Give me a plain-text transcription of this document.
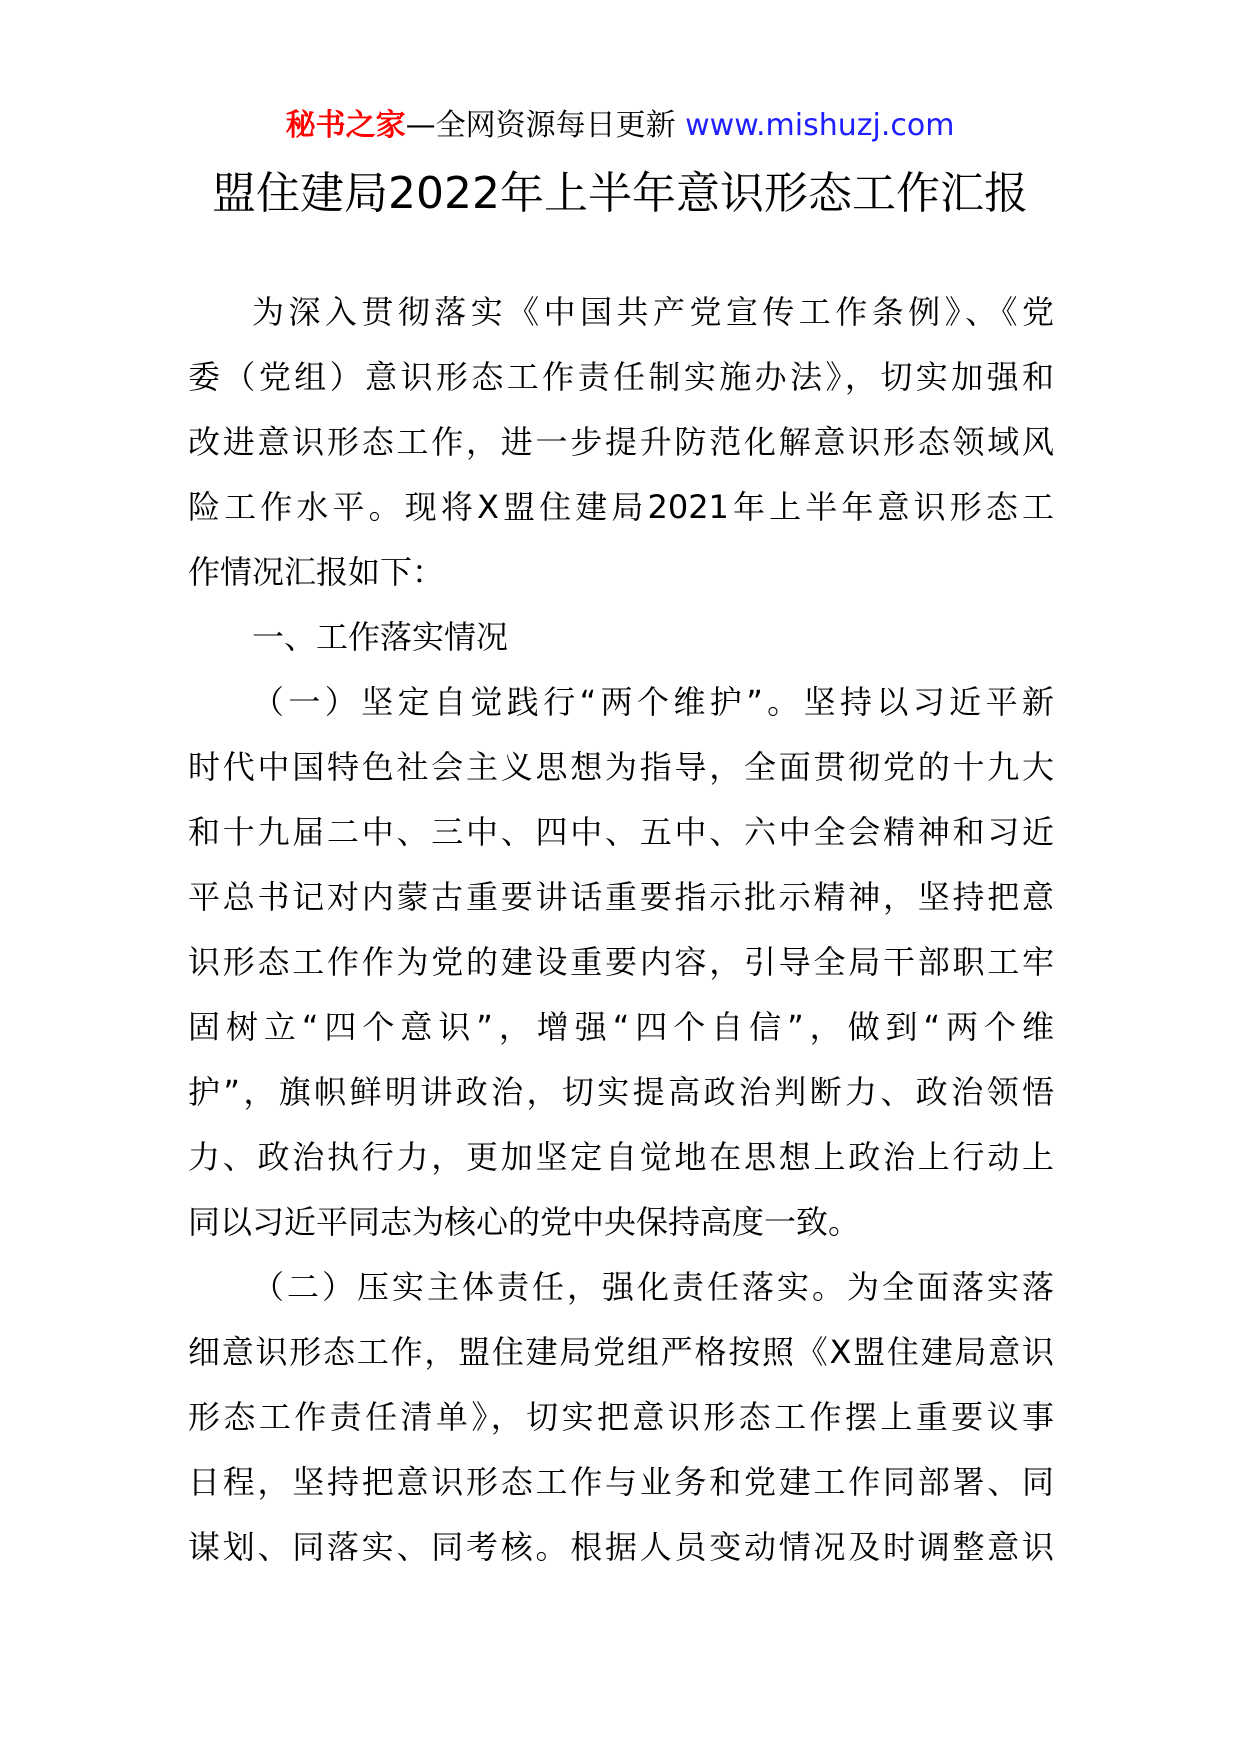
秘书之家—全网资源每日更新 www.mishuzj.com
盟住建局2022年上半年意识形态工作汇报
为深入贯彻落实《中国共产党宣传工作条例》、《党
委（党组）意识形态工作责任制实施办法》，切实加强和
改进意识形态工作，进一步提升防范化解意识形态领域风
险工作水平。现将X盟住建局2021年上半年意识形态工
作情况汇报如下：
一、工作落实情况
（一）坚定自觉践行“两个维护”。坚持以习近平新
时代中国特色社会主义思想为指导，全面贯彻党的十九大
和十九届二中、三中、四中、五中、六中全会精神和习近
平总书记对内蒙古重要讲话重要指示批示精神，坚持把意
识形态工作作为党的建设重要内容，引导全局干部职工牢
固树立“四个意识”，增强“四个自信”，做到“两个维
护”，旗帜鲜明讲政治，切实提高政治判断力、政治领悟
力、政治执行力，更加坚定自觉地在思想上政治上行动上
同以习近平同志为核心的党中央保持高度一致。
（二）压实主体责任，强化责任落实。为全面落实落
细意识形态工作，盟住建局党组严格按照《X盟住建局意识
形态工作责任清单》，切实把意识形态工作摆上重要议事
日程，坚持把意识形态工作与业务和党建工作同部署、同
谋划、同落实、同考核。根据人员变动情况及时调整意识
